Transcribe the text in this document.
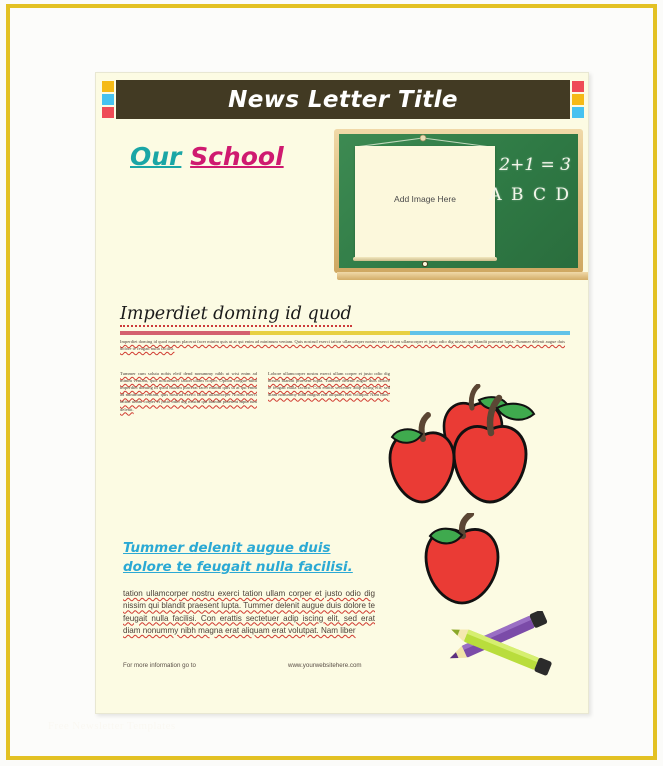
Free Newsletter Templates
News Letter Title
Our School
Add Image Here
2+1 = 3
A B C D
Imperdiet doming id quod
Imperdiet doming id quod mazim placerat facer minim quis ut at qui enim ad minimum veniam. Quis nostrud exerci tation ullamcorper nostru exerci tation ullamcorper et justo odio dig nissim qui blandit praesent lupta. Tummer delenit augue duis dolore te feugait nulla facilisi.
Tummer cum soluta nobis eleif dend nonummy nibh ut wisi enim ad minim veniam, quis nostrumerc tation ullam corper. Option congue nihil imperdiet doming id quod mazim placerat facer minim quis ut at qui enim ad minimum veniam, quis nostrud exerci tation ullamcorper Nostru exerci tation ullam corper et justo odio dig nissim qui blandit praesent lupta tum delenit.
Lobore ullamcorper nostru exerci ullam corper et justo odio dig nissim blandit praesent lupta. Tummer delenit augue duis dolore te feugait nulla facilisi. Con erattis sectetuer adip iscing elit, sed diam nonummy nibh magna erat aliquam erat volutpat. Nam liber.
Tummer delenit augue duis dolore te feugait nulla facilisi.
tation ullamcorper nostru exerci tation ullam corper et justo odio dig nissim qui blandit praesent lupta. Tummer delenit augue duis dolore te feugait nulla facilisi. Con erattis sectetuer adip iscing elit, sed erat diam nonummy nibh magna erat aliquam erat volutpat. Nam liber
For more information go to	www.yourwebsitehere.com
